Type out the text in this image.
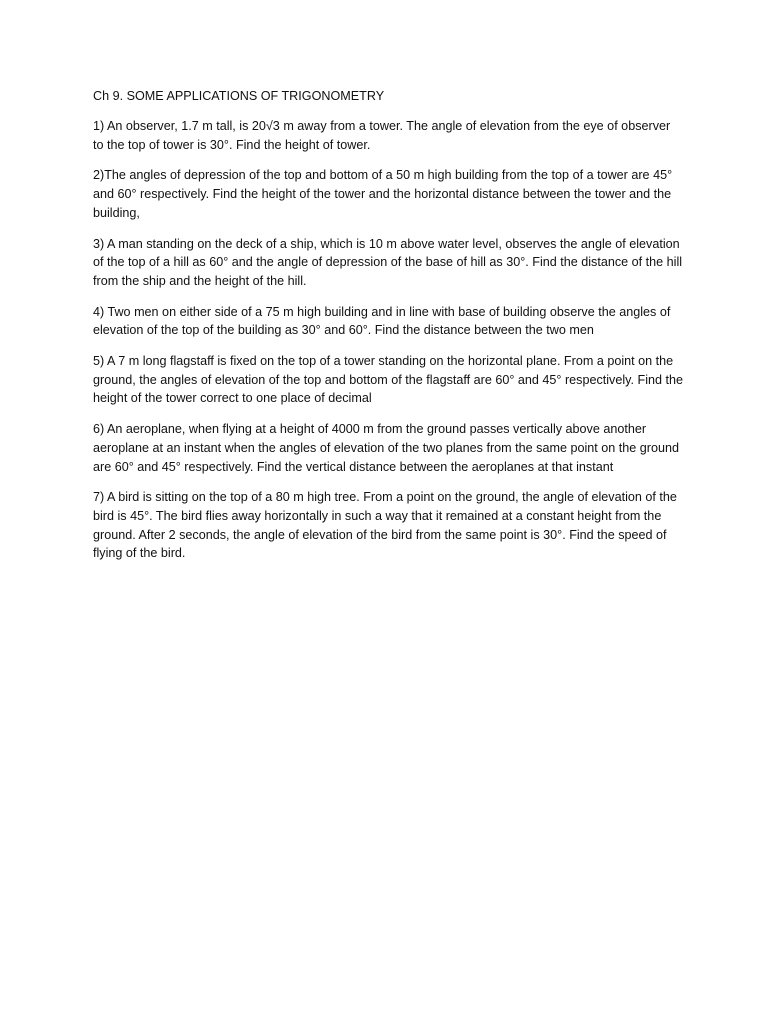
Ch 9. SOME APPLICATIONS OF TRIGONOMETRY
1) An observer, 1.7 m tall, is 20√3 m away from a tower. The angle of elevation from the eye of observer to the top of tower is 30°. Find the height of tower.
2)The angles of depression of the top and bottom of a 50 m high building from the top of a tower are 45° and 60° respectively. Find the height of the tower and the horizontal distance between the tower and the building,
3) A man standing on the deck of a ship, which is 10 m above water level, observes the angle of elevation of the top of a hill as 60° and the angle of depression of the base of hill as 30°. Find the distance of the hill from the ship and the height of the hill.
4) Two men on either side of a 75 m high building and in line with base of building observe the angles of elevation of the top of the building as 30° and 60°. Find the distance between the two men
5) A 7 m long flagstaff is fixed on the top of a tower standing on the horizontal plane. From a point on the ground, the angles of elevation of the top and bottom of the flagstaff are 60° and 45° respectively. Find the height of the tower correct to one place of decimal
6) An aeroplane, when flying at a height of 4000 m from the ground passes vertically above another aeroplane at an instant when the angles of elevation of the two planes from the same point on the ground are 60° and 45° respectively. Find the vertical distance between the aeroplanes at that instant
7) A bird is sitting on the top of a 80 m high tree. From a point on the ground, the angle of elevation of the bird is 45°. The bird flies away horizontally in such a way that it remained at a constant height from the ground. After 2 seconds, the angle of elevation of the bird from the same point is 30°. Find the speed of flying of the bird.
